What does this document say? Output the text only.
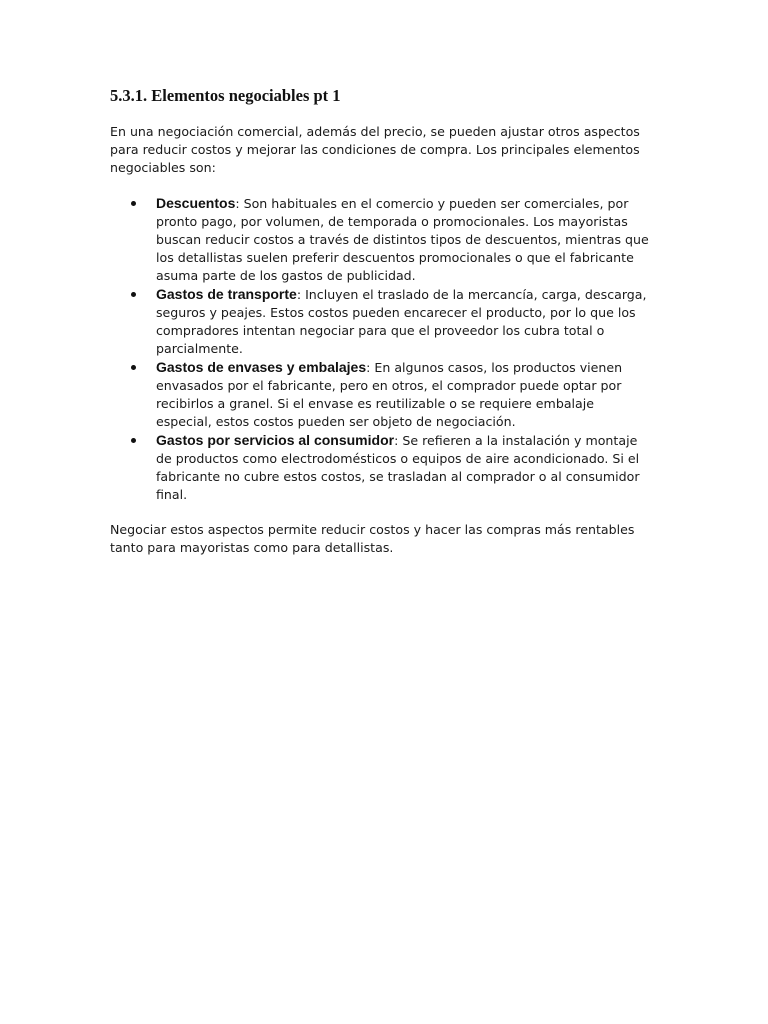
5.3.1. Elementos negociables pt 1

En una negociación comercial, además del precio, se pueden ajustar otros aspectos para reducir costos y mejorar las condiciones de compra. Los principales elementos negociables son:

Descuentos: Son habituales en el comercio y pueden ser comerciales, por pronto pago, por volumen, de temporada o promocionales. Los mayoristas buscan reducir costos a través de distintos tipos de descuentos, mientras que los detallistas suelen preferir descuentos promocionales o que el fabricante asuma parte de los gastos de publicidad.
Gastos de transporte: Incluyen el traslado de la mercancía, carga, descarga, seguros y peajes. Estos costos pueden encarecer el producto, por lo que los compradores intentan negociar para que el proveedor los cubra total o parcialmente.
Gastos de envases y embalajes: En algunos casos, los productos vienen envasados por el fabricante, pero en otros, el comprador puede optar por recibirlos a granel. Si el envase es reutilizable o se requiere embalaje especial, estos costos pueden ser objeto de negociación.
Gastos por servicios al consumidor: Se refieren a la instalación y montaje de productos como electrodomésticos o equipos de aire acondicionado. Si el fabricante no cubre estos costos, se trasladan al comprador o al consumidor final.

Negociar estos aspectos permite reducir costos y hacer las compras más rentables tanto para mayoristas como para detallistas.
